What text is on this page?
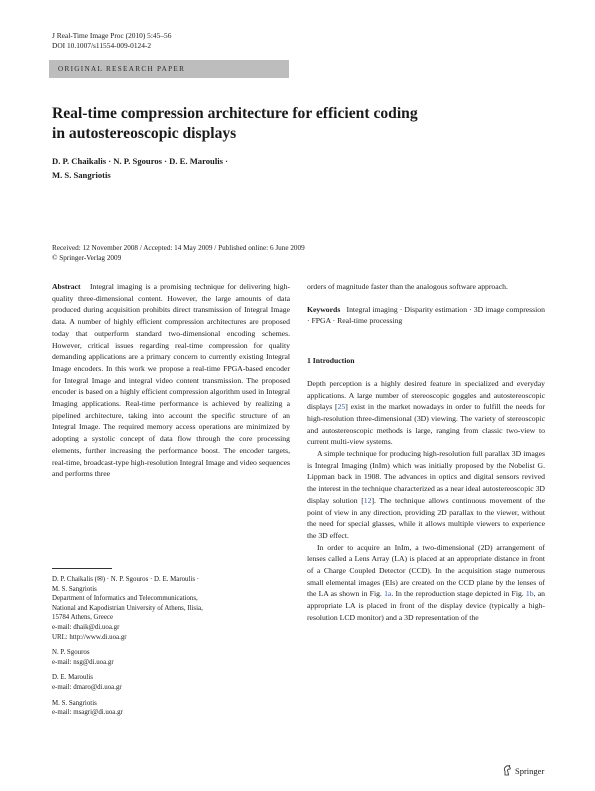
J Real-Time Image Proc (2010) 5:45–56
DOI 10.1007/s11554-009-0124-2
ORIGINAL RESEARCH PAPER
Real-time compression architecture for efficient coding
in autostereoscopic displays
D. P. Chaikalis · N. P. Sgouros · D. E. Maroulis ·
M. S. Sangriotis
Received: 12 November 2008 / Accepted: 14 May 2009 / Published online: 6 June 2009
© Springer-Verlag 2009

Abstract Integral imaging is a promising technique for delivering high-quality three-dimensional content. However, the large amounts of data produced during acquisition prohibits direct transmission of Integral Image data. A number of highly efficient compression architectures are proposed today that outperform standard two-dimensional encoding schemes. However, critical issues regarding real-time compression for quality demanding applications are a primary concern to currently existing Integral Image encoders. In this work we propose a real-time FPGA-based encoder for Integral Image and integral video content transmission. The proposed encoder is based on a highly efficient compression algorithm used in Integral Imaging applications. Real-time performance is achieved by realizing a pipelined architecture, taking into account the specific structure of an Integral Image. The required memory access operations are minimized by adopting a systolic concept of data flow through the core processing elements, further increasing the performance boost. The encoder targets, real-time, broadcast-type high-resolution Integral Image and video sequences and performs three

D. P. Chaikalis (✉) · N. P. Sgouros · D. E. Maroulis ·
M. S. Sangriotis
Department of Informatics and Telecommunications,
National and Kapodistrian University of Athens, Ilisia,
15784 Athens, Greece
e-mail: dhaik@di.uoa.gr
URL: http://www.di.uoa.gr
N. P. Sgouros
e-mail: nsg@di.uoa.gr
D. E. Maroulis
e-mail: dmaro@di.uoa.gr
M. S. Sangriotis
e-mail: msagri@di.uoa.gr

orders of magnitude faster than the analogous software approach.

Keywords Integral imaging · Disparity estimation · 3D image compression · FPGA · Real-time processing

1 Introduction

Depth perception is a highly desired feature in specialized and everyday applications. A large number of stereoscopic goggles and autostereoscopic displays [25] exist in the market nowadays in order to fulfill the needs for high-resolution three-dimensional (3D) viewing. The variety of stereoscopic and autostereoscopic methods is large, ranging from classic two-view to current multi-view systems.

A simple technique for producing high-resolution full parallax 3D images is Integral Imaging (InIm) which was initially proposed by the Nobelist G. Lippman back in 1908. The advances in optics and digital sensors revived the interest in the technique characterized as a near ideal autostereoscopic 3D display solution [12]. The technique allows continuous movement of the point of view in any direction, providing 2D parallax to the viewer, without the need for special glasses, while it allows multiple viewers to experience the 3D effect.

In order to acquire an InIm, a two-dimensional (2D) arrangement of lenses called a Lens Array (LA) is placed at an appropriate distance in front of a Charge Coupled Detector (CCD). In the acquisition stage numerous small elemental images (EIs) are created on the CCD plane by the lenses of the LA as shown in Fig. 1a. In the reproduction stage depicted in Fig. 1b, an appropriate LA is placed in front of the display device (typically a high-resolution LCD monitor) and a 3D representation of the

Springer
